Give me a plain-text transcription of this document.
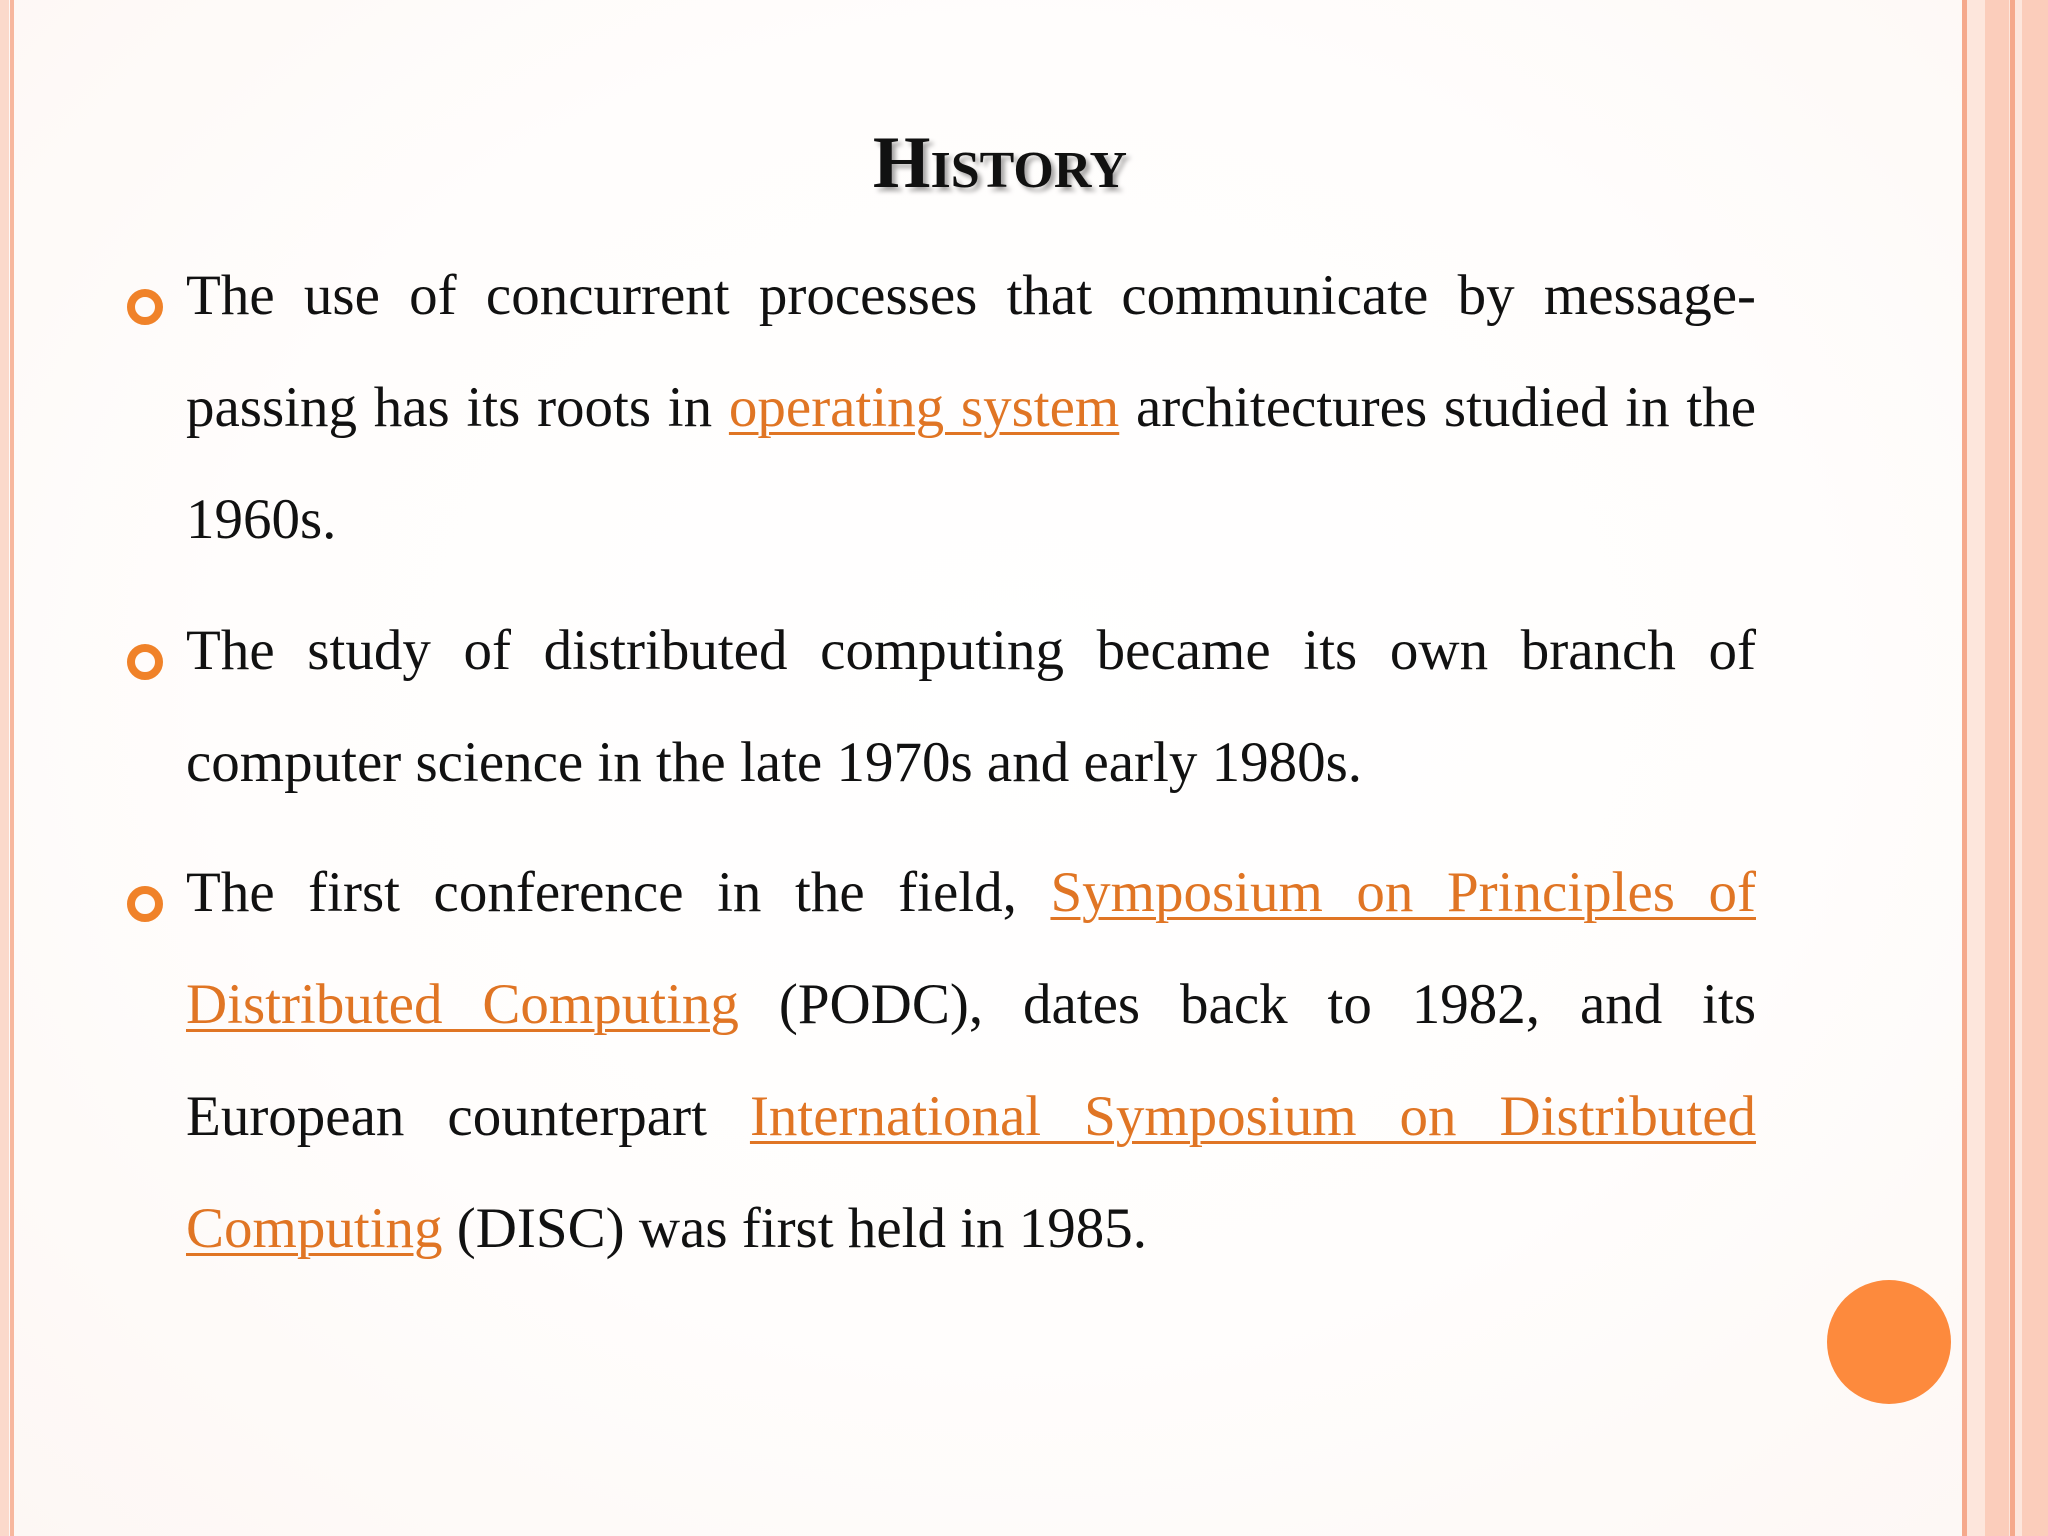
History
The use of concurrent processes that communicate by message-passing has its roots in operating system architectures studied in the 1960s.
The study of distributed computing became its own branch of computer science in the late 1970s and early 1980s.
The first conference in the field, Symposium on Principles of Distributed Computing (PODC), dates back to 1982, and its European counterpart International Symposium on Distributed Computing (DISC) was first held in 1985.
